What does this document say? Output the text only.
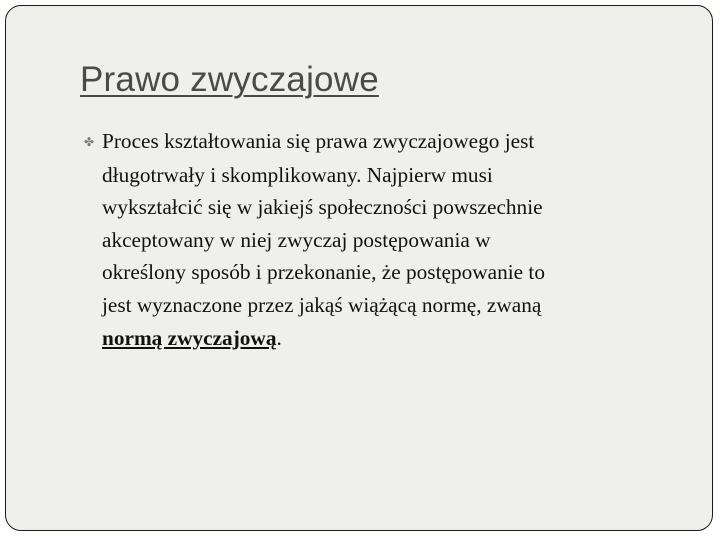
Prawo zwyczajowe
✤ Proces kształtowania się prawa zwyczajowego jest
długotrwały i skomplikowany. Najpierw musi
wykształcić się w jakiejś społeczności powszechnie
akceptowany w niej zwyczaj postępowania w
określony sposób i przekonanie, że postępowanie to
jest wyznaczone przez jakąś wiążącą normę, zwaną
normą zwyczajową.
